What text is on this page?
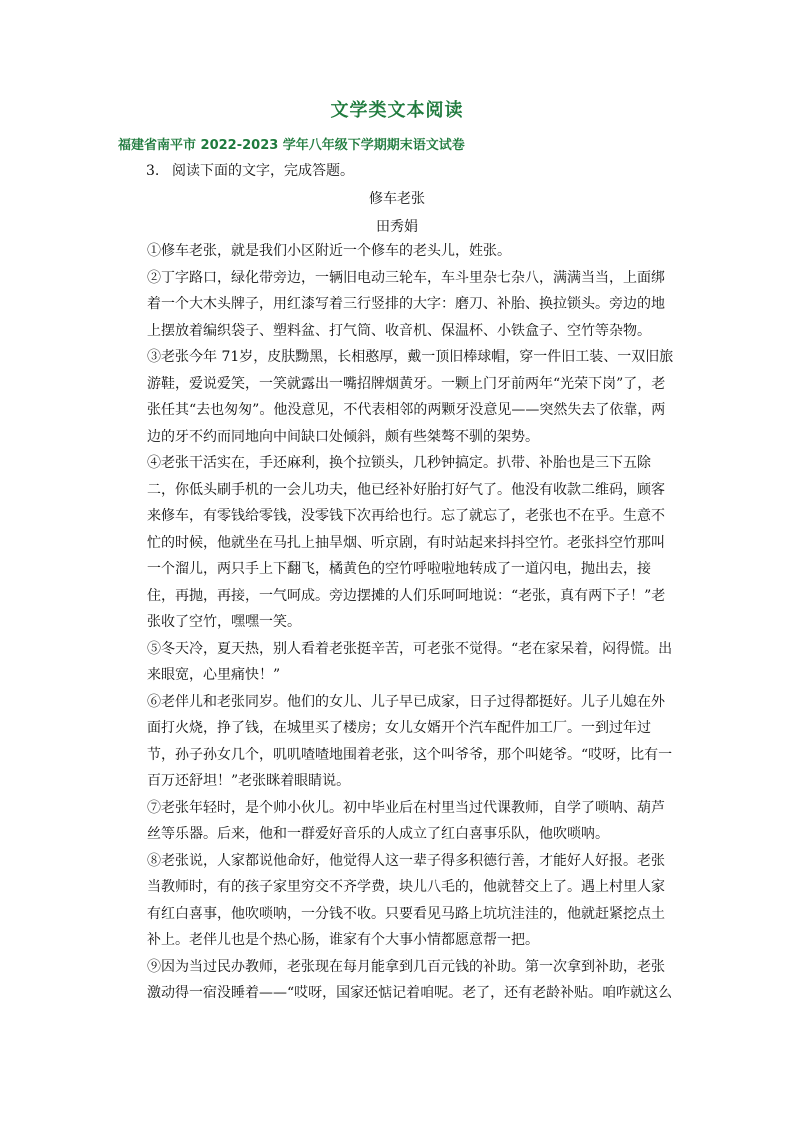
文学类文本阅读
福建省南平市 2022-2023 学年八年级下学期期末语文试卷
3. 阅读下面的文字，完成答题。
修车老张
田秀娟

①修车老张，就是我们小区附近一个修车的老头儿，姓张。

②丁字路口，绿化带旁边，一辆旧电动三轮车，车斗里杂七杂八，满满当当，上面绑着一个大木头牌子，用红漆写着三行竖排的大字：磨刀、补胎、换拉锁头。旁边的地上摆放着编织袋子、塑料盆、打气筒、收音机、保温杯、小铁盒子、空竹等杂物。

③老张今年 71岁，皮肤黝黑，长相憨厚，戴一顶旧棒球帽，穿一件旧工装、一双旧旅游鞋，爱说爱笑，一笑就露出一嘴招牌烟黄牙。一颗上门牙前两年“光荣下岗”了，老张任其“去也匆匆”。他没意见，不代表相邻的两颗牙没意见——突然失去了依靠，两边的牙不约而同地向中间缺口处倾斜，颇有些桀骜不驯的架势。

④老张干活实在，手还麻利，换个拉锁头，几秒钟搞定。扒带、补胎也是三下五除二，你低头刷手机的一会儿功夫，他已经补好胎打好气了。他没有收款二维码，顾客来修车，有零钱给零钱，没零钱下次再给也行。忘了就忘了，老张也不在乎。生意不忙的时候，他就坐在马扎上抽旱烟、听京剧，有时站起来抖抖空竹。老张抖空竹那叫一个溜儿，两只手上下翻飞，橘黄色的空竹呼啦啦地转成了一道闪电，抛出去，接住，再抛，再接，一气呵成。旁边摆摊的人们乐呵呵地说：“老张，真有两下子！”老张收了空竹，嘿嘿一笑。

⑤冬天冷，夏天热，别人看着老张挺辛苦，可老张不觉得。“老在家呆着，闷得慌。出来眼宽，心里痛快！”

⑥老伴儿和老张同岁。他们的女儿、儿子早已成家，日子过得都挺好。儿子儿媳在外面打火烧，挣了钱，在城里买了楼房；女儿女婿开个汽车配件加工厂。一到过年过节，孙子孙女几个，叽叽喳喳地围着老张，这个叫爷爷，那个叫姥爷。“哎呀，比有一百万还舒坦！”老张眯着眼睛说。

⑦老张年轻时，是个帅小伙儿。初中毕业后在村里当过代课教师，自学了唢呐、葫芦丝等乐器。后来，他和一群爱好音乐的人成立了红白喜事乐队，他吹唢呐。

⑧老张说，人家都说他命好，他觉得人这一辈子得多积德行善，才能好人好报。老张当教师时，有的孩子家里穷交不齐学费，块儿八毛的，他就替交上了。遇上村里人家有红白喜事，他吹唢呐，一分钱不收。只要看见马路上坑坑洼洼的，他就赶紧挖点土补上。老伴儿也是个热心肠，谁家有个大事小情都愿意帮一把。

⑨因为当过民办教师，老张现在每月能拿到几百元钱的补助。第一次拿到补助，老张激动得一宿没睡着——“哎呀，国家还惦记着咱呢。老了，还有老龄补贴。咱咋就这么
